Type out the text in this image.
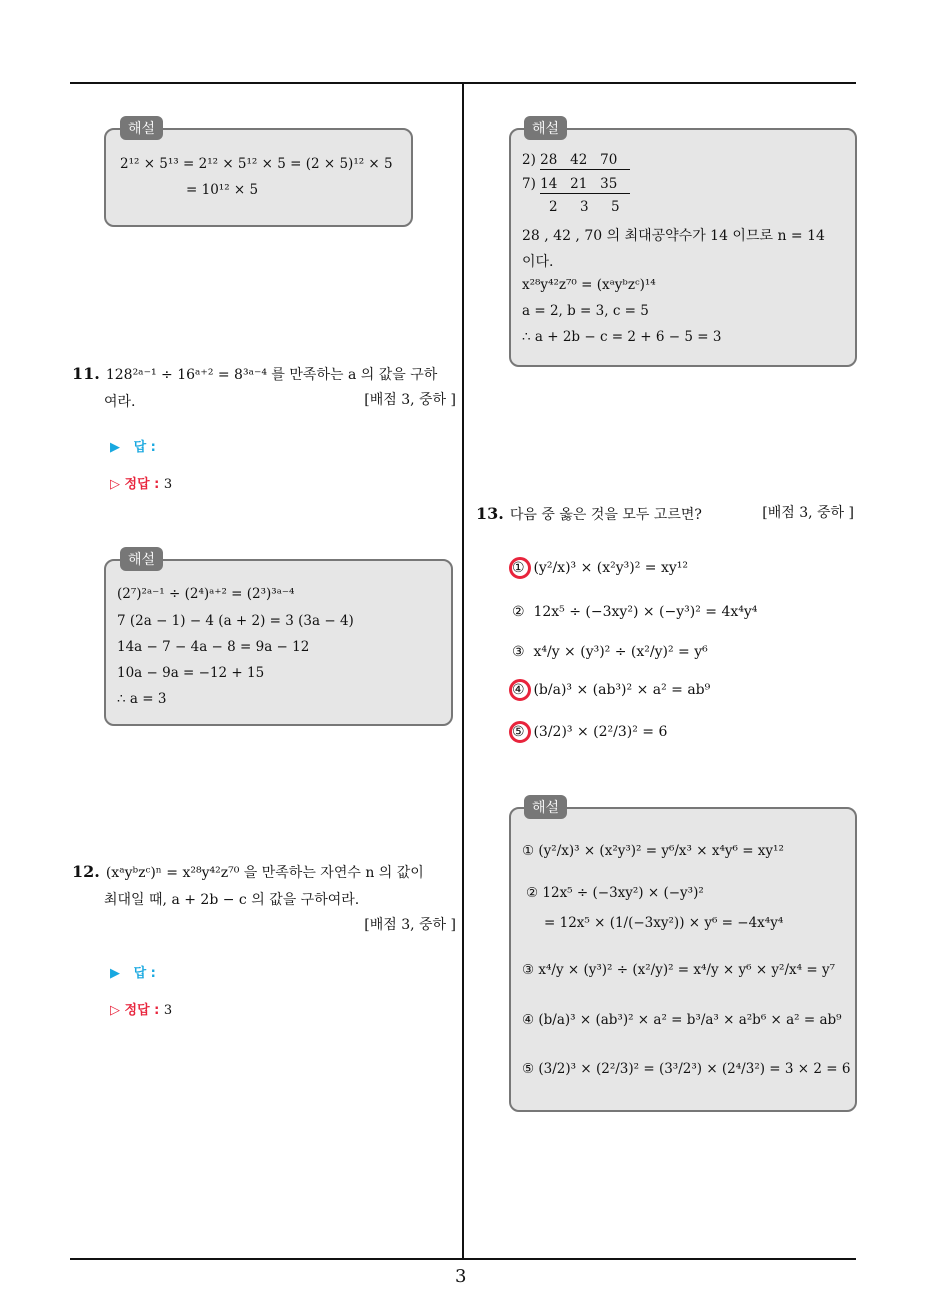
3
해설
2¹² × 5¹³ = 2¹² × 5¹² × 5 = (2 × 5)¹² × 5
= 10¹² × 5
11. 128²ᵃ⁻¹ ÷ 16ᵃ⁺² = 8³ᵃ⁻⁴ 를 만족하는 a 의 값을 구하
여라.	[배점 3, 중하 ]
▶ 답 :
▷ 정답 : 3
해설
(2⁷)²ᵃ⁻¹ ÷ (2⁴)ᵃ⁺² = (2³)³ᵃ⁻⁴
7 (2a − 1) − 4 (a + 2) = 3 (3a − 4)
14a − 7 − 4a − 8 = 9a − 12
10a − 9a = −12 + 15
∴ a = 3
12. (xᵃyᵇzᶜ)ⁿ = x²⁸y⁴²z⁷⁰ 을 만족하는 자연수 n 의 값이
최대일 때, a + 2b − c 의 값을 구하여라.

[배점 3, 중하 ]
▶ 답 :
▷ 정답 : 3
해설
2) 28 42 70
7) 14 21 35
2 3 5
28 , 42 , 70 의 최대공약수가 14 이므로 n = 14
이다.
x²⁸y⁴²z⁷⁰ = (xᵃyᵇzᶜ)¹⁴
a = 2, b = 3, c = 5
∴ a + 2b − c = 2 + 6 − 5 = 3
13. 다음 중 옳은 것을 모두 고르면?	[배점 3, 중하 ]
① (y²/x)³ × (x²y³)² = xy¹²
② 12x⁵ ÷ (−3xy²) × (−y³)² = 4x⁴y⁴
③ x⁴/y × (y³)² ÷ (x²/y)² = y⁶
④ (b/a)³ × (ab³)² × a² = ab⁹
⑤ (3/2)³ × (2²/3)² = 6
해설
① (y²/x)³ × (x²y³)² = y⁶/x³ × x⁴y⁶ = xy¹²
② 12x⁵ ÷ (−3xy²) × (−y³)²
= 12x⁵ × (1/(−3xy²)) × y⁶ = −4x⁴y⁴
③ x⁴/y × (y³)² ÷ (x²/y)² = x⁴/y × y⁶ × y²/x⁴ = y⁷
④ (b/a)³ × (ab³)² × a² = b³/a³ × a²b⁶ × a² = ab⁹
⑤ (3/2)³ × (2²/3)² = (3³/2³) × (2⁴/3²) = 3 × 2 = 6
